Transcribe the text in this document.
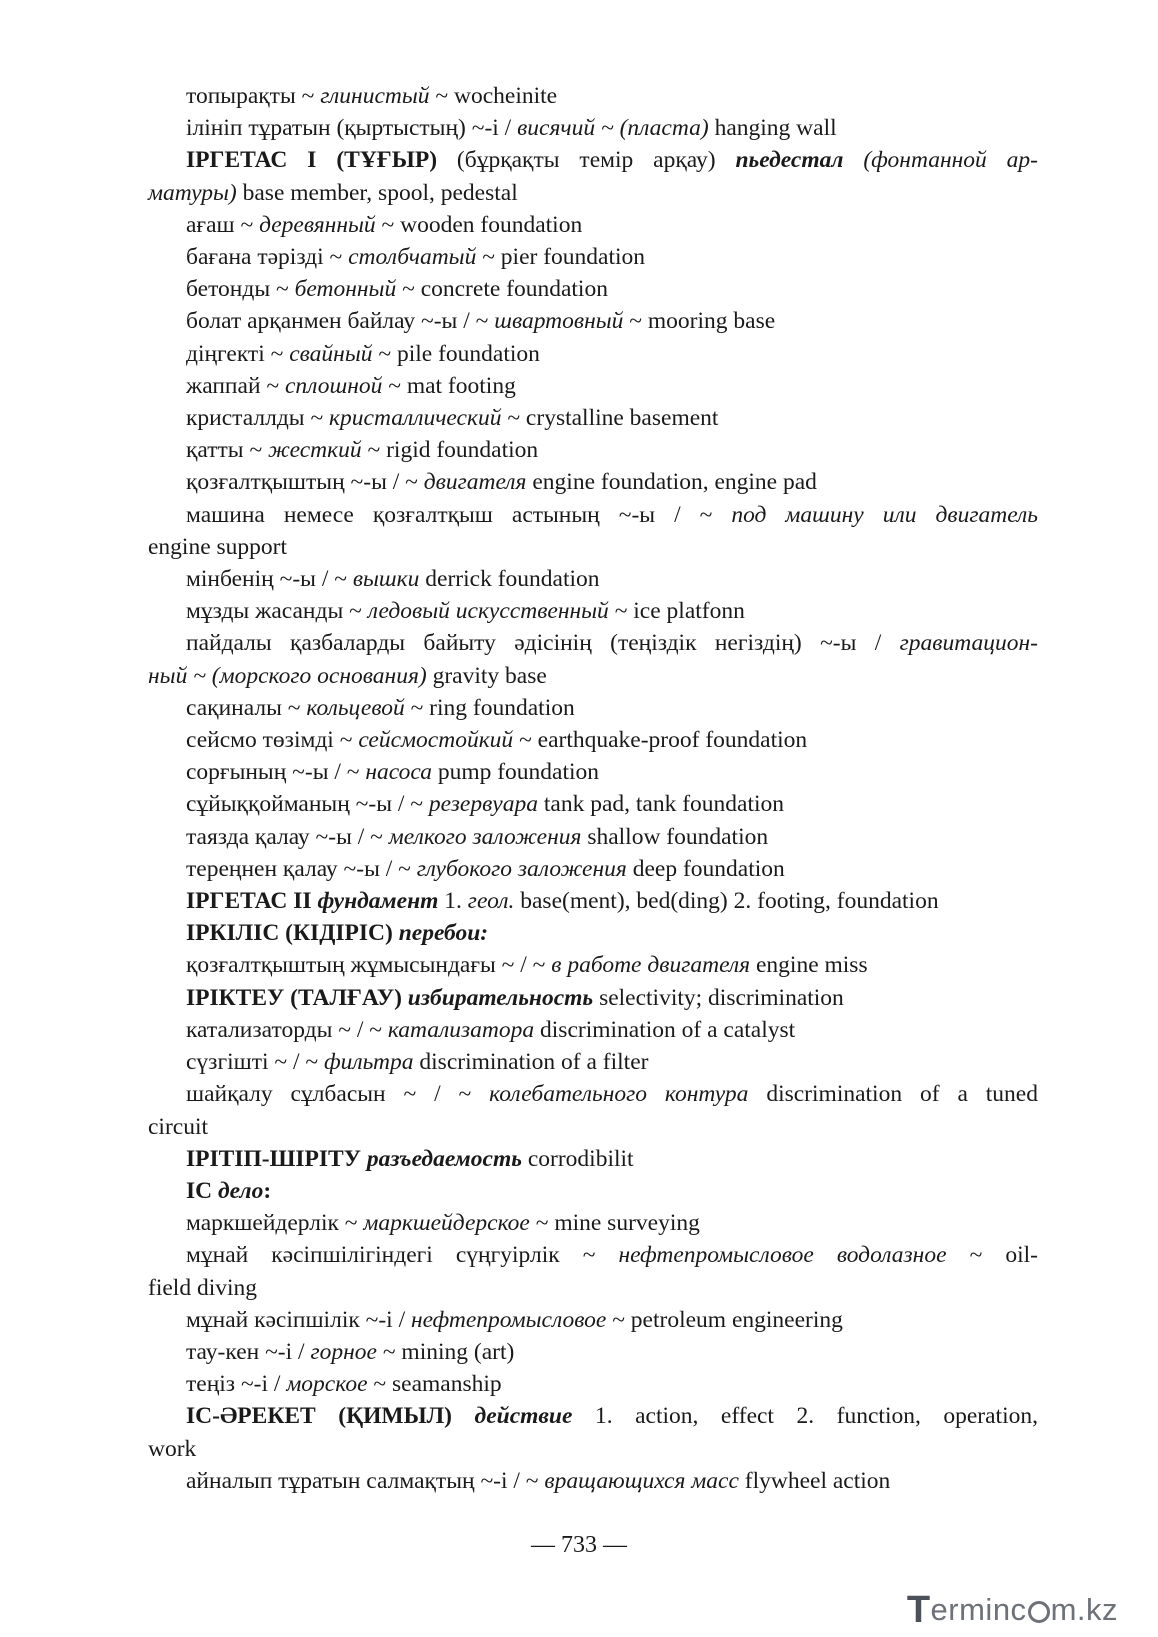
топырақты ~ глинистый ~ wocheinite
ілініп тұратын (қыртыстың) ~-і / висячий ~ (пласта) hanging wall
ІРГЕТАС І (ТҰҒЫР) (бұрқақты темір арқау) пьедестал (фонтанной ар-
матуры) base member, spool, pedestal
ағаш ~ деревянный ~ wooden foundation
бағана тәрізді ~ столбчатый ~ pier foundation
бетонды ~ бетонный ~ concrete foundation
болат арқанмен байлау ~-ы / ~ швартовный ~ mooring base
діңгекті ~ свайный ~ pile foundation
жаппай ~ сплошной ~ mat footing
кристаллды ~ кристаллический ~ crystalline basement
қатты ~ жесткий ~ rigid foundation
қозғалтқыштың ~-ы / ~ двигателя engine foundation, engine pad
машина немесе қозғалтқыш астының ~-ы / ~ под машину или двигатель
engine support
мінбенің ~-ы / ~ вышки derrick foundation
мұзды жасанды ~ ледовый искусственный ~ ice platfonn
пайдалы қазбаларды байыту әдісінің (теңіздік негіздің) ~-ы / гравитацион-
ный ~ (морского основания) gravity base
сақиналы ~ кольцевой ~ ring foundation
сейсмо төзімді ~ сейсмостойкий ~ earthquake-proof foundation
сорғының ~-ы / ~ насоса pump foundation
сұйыққойманың ~-ы / ~ резервуара tank pad, tank foundation
таязда қалау ~-ы / ~ мелкого заложения shallow foundation
тереңнен қалау ~-ы / ~ глубокого заложения deep foundation
ІРГЕТАС ІІ фундамент 1. геол. base(ment), bed(ding) 2. footing, foundation
ІРКІЛІС (КІДІРІС) перебои:
қозғалтқыштың жұмысындағы ~ / ~ в работе двигателя engine miss
ІРІКТЕУ (ТАЛҒАУ) избирательность selectivity; discrimination
катализаторды ~ / ~ катализатора discrimination of a catalyst
сүзгішті ~ / ~ фильтра discrimination of a filter
шайқалу сұлбасын ~ / ~ колебательного контура discrimination of a tuned
circuit
ІРІТІП-ШІРІТУ разъедаемость corrodibilit
ІС дело:
маркшейдерлік ~ маркшейдерское ~ mine surveying
мұнай кәсіпшілігіндегі сүңгуірлік ~ нефтепромысловое водолазное ~ oil-
field diving
мұнай кәсіпшілік ~-і / нефтепромысловое ~ petroleum engineering
тау-кен ~-і / горное ~ mining (art)
теңіз ~-і / морское ~ seamanship
ІС-ӘРЕКЕТ (ҚИМЫЛ) действие 1. action, effect 2. function, operation,
work
айналып тұратын салмақтың ~-і / ~ вращающихся масс flywheel action
— 733 —
T erminc m.kz
